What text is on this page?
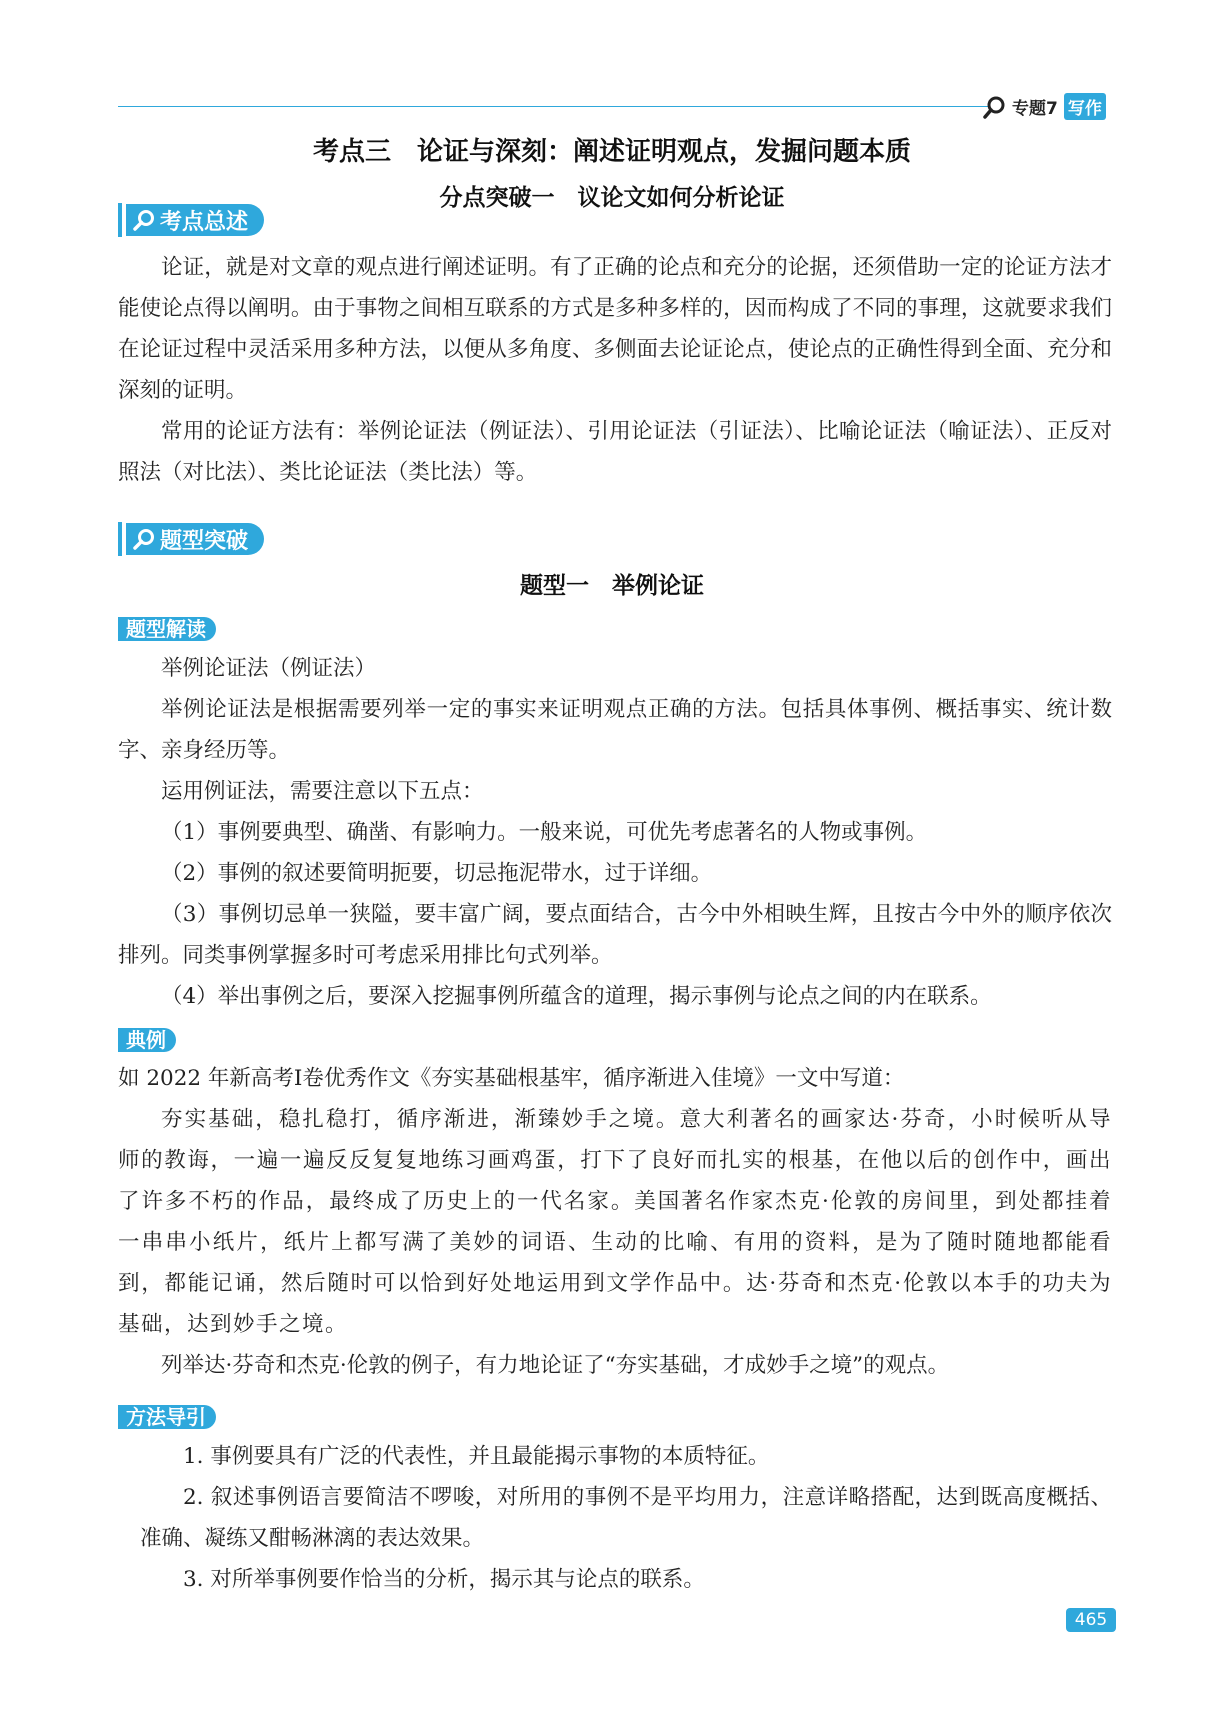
专题7 写作
考点三　论证与深刻：阐述证明观点，发掘问题本质
分点突破一　议论文如何分析论证
考点总述

论证，就是对文章的观点进行阐述证明。有了正确的论点和充分的论据，还须借助一定的论证方法才能使论点得以阐明。由于事物之间相互联系的方式是多种多样的，因而构成了不同的事理，这就要求我们在论证过程中灵活采用多种方法，以便从多角度、多侧面去论证论点，使论点的正确性得到全面、充分和深刻的证明。

常用的论证方法有：举例论证法（例证法）、引用论证法（引证法）、比喻论证法（喻证法）、正反对照法（对比法）、类比论证法（类比法）等。

题型突破
题型一　举例论证
题型解读

举例论证法（例证法）

举例论证法是根据需要列举一定的事实来证明观点正确的方法。包括具体事例、概括事实、统计数字、亲身经历等。

运用例证法，需要注意以下五点：

（1）事例要典型、确凿、有影响力。一般来说，可优先考虑著名的人物或事例。

（2）事例的叙述要简明扼要，切忌拖泥带水，过于详细。

（3）事例切忌单一狭隘，要丰富广阔，要点面结合，古今中外相映生辉，且按古今中外的顺序依次排列。同类事例掌握多时可考虑采用排比句式列举。

（4）举出事例之后，要深入挖掘事例所蕴含的道理，揭示事例与论点之间的内在联系。

典例

如 2022 年新高考Ⅰ卷优秀作文《夯实基础根基牢，循序渐进入佳境》一文中写道：

夯实基础，稳扎稳打，循序渐进，渐臻妙手之境。意大利著名的画家达·芬奇，小时候听从导师的教诲，一遍一遍反反复复地练习画鸡蛋，打下了良好而扎实的根基，在他以后的创作中，画出了许多不朽的作品，最终成了历史上的一代名家。美国著名作家杰克·伦敦的房间里，到处都挂着一串串小纸片，纸片上都写满了美妙的词语、生动的比喻、有用的资料，是为了随时随地都能看到，都能记诵，然后随时可以恰到好处地运用到文学作品中。达·芬奇和杰克·伦敦以本手的功夫为基础，达到妙手之境。

列举达·芬奇和杰克·伦敦的例子，有力地论证了“夯实基础，才成妙手之境”的观点。

方法导引

1. 事例要具有广泛的代表性，并且最能揭示事物的本质特征。

2. 叙述事例语言要简洁不啰唆，对所用的事例不是平均用力，注意详略搭配，达到既高度概括、准确、凝练又酣畅淋漓的表达效果。

3. 对所举事例要作恰当的分析，揭示其与论点的联系。

465
